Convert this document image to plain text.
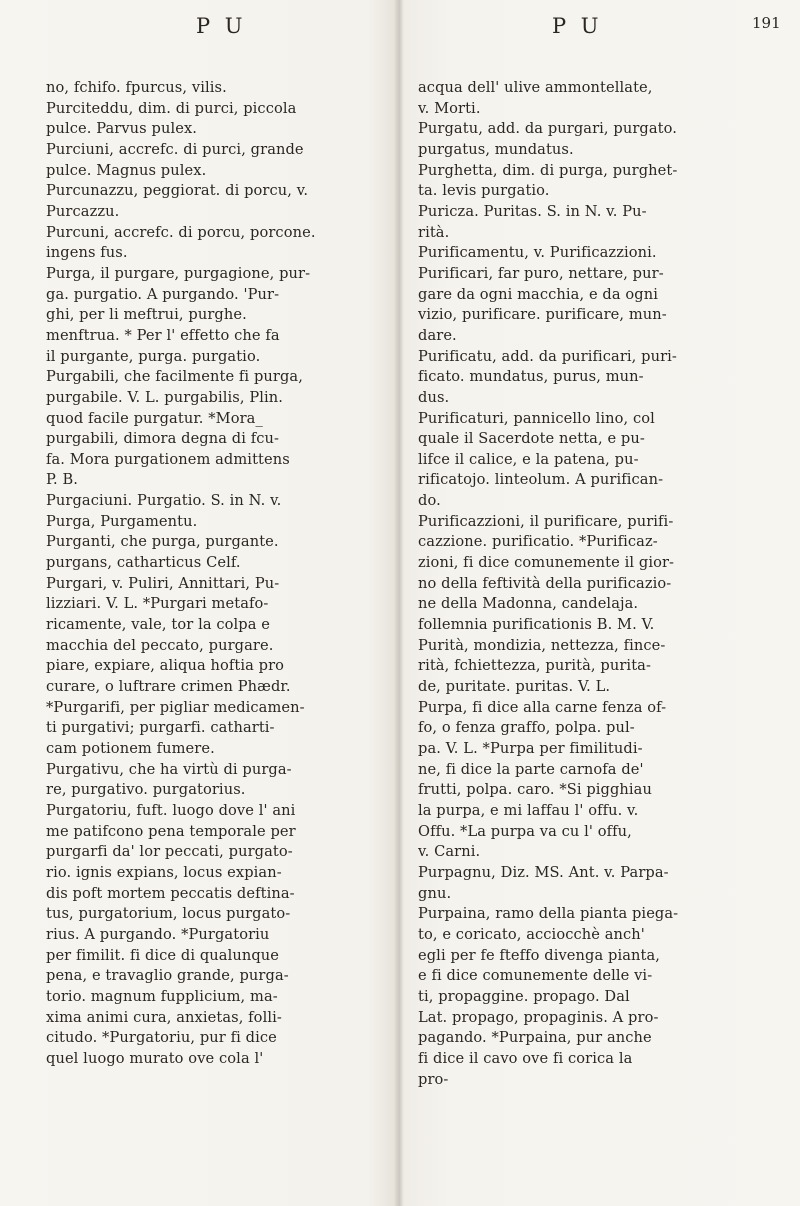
P U	P U	191
no, fchifo. fpurcus, vilis.
Purciteddu, dim. di purci, piccola
pulce. Parvus pulex.
Purciuni, accrefc. di purci, grande
pulce. Magnus pulex.
Purcunazzu, peggiorat. di porcu, v.
Purcazzu.
Purcuni, accrefc. di porcu, porcone.
ingens fus.
Purga, il purgare, purgagione, pur-
ga. purgatio. A purgando. 'Pur-
ghi, per li meftrui, purghe.
menftrua. * Per l' effetto che fa
il purgante, purga. purgatio.
Purgabili, che facilmente fi purga,
purgabile. V. L. purgabilis, Plin.
quod facile purgatur. *Mora_
purgabili, dimora degna di fcu-
fa. Mora purgationem admittens
P. B.
Purgaciuni. Purgatio. S. in N. v.
Purga, Purgamentu.
Purganti, che purga, purgante.
purgans, catharticus Celf.
Purgari, v. Puliri, Annittari, Pu-
lizziari. V. L. *Purgari metafo-
ricamente, vale, tor la colpa e
macchia del peccato, purgare.
piare, expiare, aliqua hoftia pro
curare, o luftrare crimen Phædr.
*Purgarifi, per pigliar medicamen-
ti purgativi; purgarfi. catharti-
cam potionem fumere.
Purgativu, che ha virtù di purga-
re, purgativo. purgatorius.
Purgatoriu, fuft. luogo dove l' ani
me patifcono pena temporale per
purgarfi da' lor peccati, purgato-
rio. ignis expians, locus expian-
dis poft mortem peccatis deftina-
tus, purgatorium, locus purgato-
rius. A purgando. *Purgatoriu
per fimilit. fi dice di qualunque
pena, e travaglio grande, purga-
torio. magnum fupplicium, ma-
xima animi cura, anxietas, folli-
citudo. *Purgatoriu, pur fi dice
quel luogo murato ove cola l'
acqua dell' ulive ammontellate,
v. Morti.
Purgatu, add. da purgari, purgato.
purgatus, mundatus.
Purghetta, dim. di purga, purghet-
ta. levis purgatio.
Puricza. Puritas. S. in N. v. Pu-
rità.
Purificamentu, v. Purificazzioni.
Purificari, far puro, nettare, pur-
gare da ogni macchia, e da ogni
vizio, purificare. purificare, mun-
dare.
Purificatu, add. da purificari, puri-
ficato. mundatus, purus, mun-
dus.
Purificaturi, pannicello lino, col
quale il Sacerdote netta, e pu-
lifce il calice, e la patena, pu-
rificatojo. linteolum. A purifican-
do.
Purificazzioni, il purificare, purifi-
cazzione. purificatio. *Purificaz-
zioni, fi dice comunemente il gior-
no della feftività della purificazio-
ne della Madonna, candelaja.
follemnia purificationis B. M. V.
Purità, mondizia, nettezza, fince-
rità, fchiettezza, purità, purita-
de, puritate. puritas. V. L.
Purpa, fi dice alla carne fenza of-
fo, o fenza graffo, polpa. pul-
pa. V. L. *Purpa per fimilitudi-
ne, fi dice la parte carnofa de'
frutti, polpa. caro. *Si pigghiau
la purpa, e mi laffau l' offu. v.
Offu. *La purpa va cu l' offu,
v. Carni.
Purpagnu, Diz. MS. Ant. v. Parpa-
gnu.
Purpaina, ramo della pianta piega-
to, e coricato, acciocchè anch'
egli per fe fteffo divenga pianta,
e fi dice comunemente delle vi-
ti, propaggine. propago. Dal
Lat. propago, propaginis. A pro-
pagando. *Purpaina, pur anche
fi dice il cavo ove fi corica la
pro-
